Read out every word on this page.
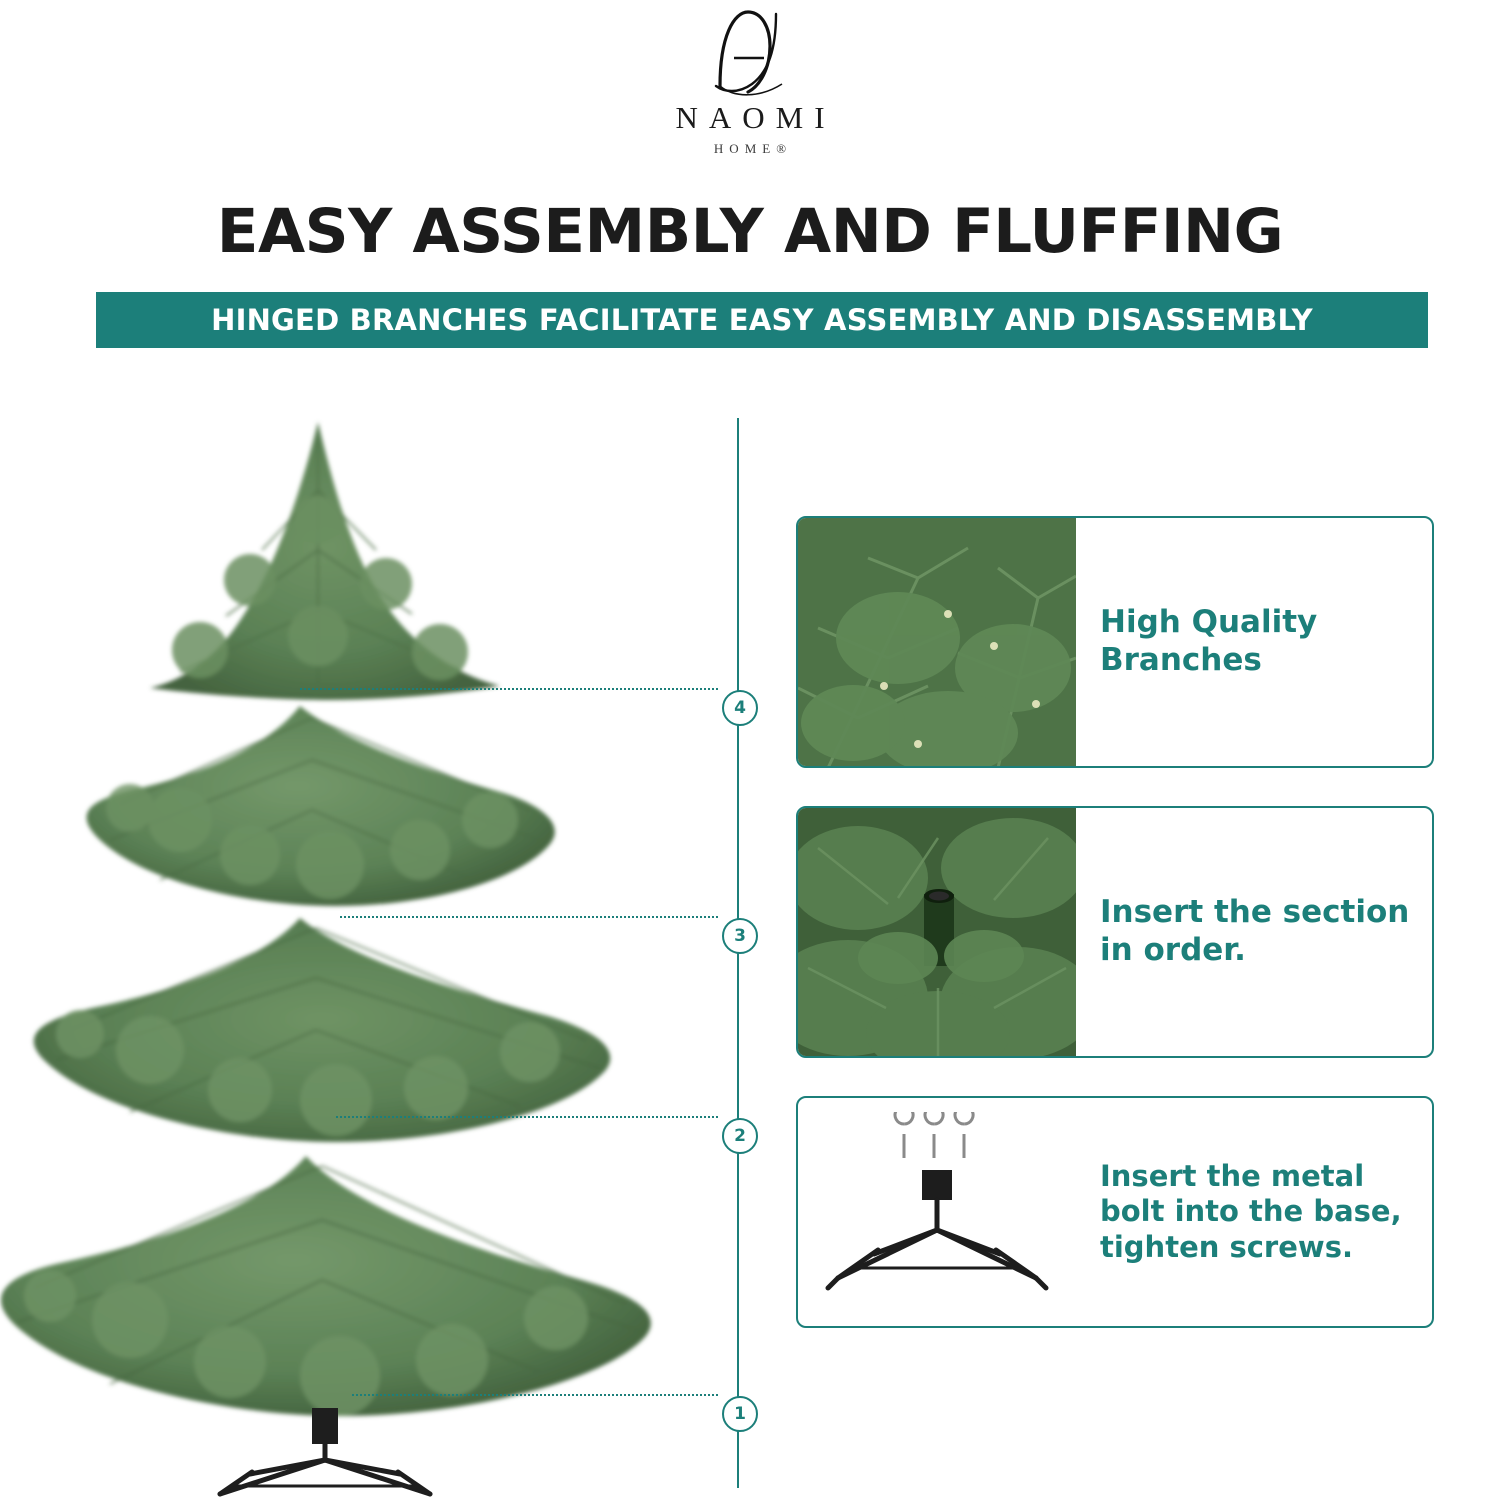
NAOMI
HOME®
EASY ASSEMBLY AND FLUFFING
HINGED BRANCHES FACILITATE EASY ASSEMBLY AND DISASSEMBLY
4
3
2
1
High Quality Branches
Insert the section in order.
Insert the metal bolt into the base, tighten screws.
